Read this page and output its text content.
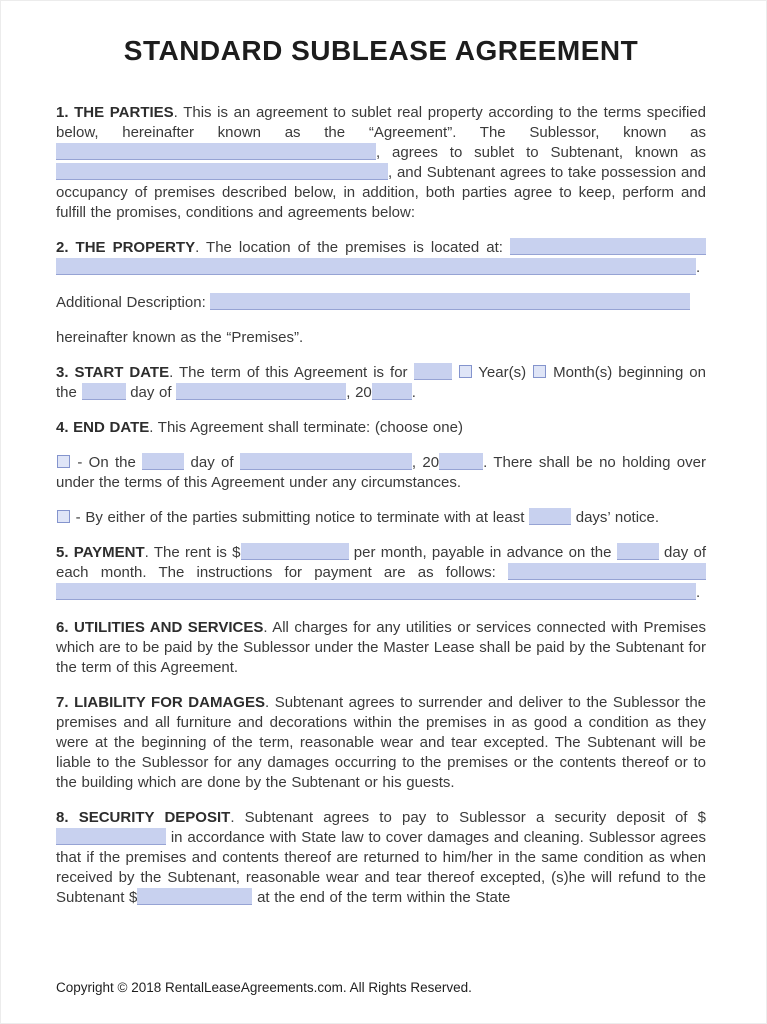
STANDARD SUBLEASE AGREEMENT

1. THE PARTIES. This is an agreement to sublet real property according to the terms specified below, hereinafter known as the “Agreement”. The Sublessor, known as , agrees to sublet to Subtenant, known as , and Subtenant agrees to take possession and occupancy of premises described below, in addition, both parties agree to keep, perform and fulfill the promises, conditions and agreements below:

2. THE PROPERTY. The location of the premises is located at: .

Additional Description:

hereinafter known as the “Premises”.

3. START DATE. The term of this Agreement is for	Year(s)  Month(s) beginning on the	day of	, 20	.

4. END DATE. This Agreement shall terminate: (choose one)

- On the	day of	, 20	. There shall be no holding over under the terms of this Agreement under any circumstances.

- By either of the parties submitting notice to terminate with at least	days’ notice.

5. PAYMENT. The rent is $	per month, payable in advance on the	day of each month. The instructions for payment are as follows: .

6. UTILITIES AND SERVICES. All charges for any utilities or services connected with Premises which are to be paid by the Sublessor under the Master Lease shall be paid by the Subtenant for the term of this Agreement.

7. LIABILITY FOR DAMAGES. Subtenant agrees to surrender and deliver to the Sublessor the premises and all furniture and decorations within the premises in as good a condition as they were at the beginning of the term, reasonable wear and tear excepted. The Subtenant will be liable to the Sublessor for any damages occurring to the premises or the contents thereof or to the building which are done by the Subtenant or his guests.

8. SECURITY DEPOSIT. Subtenant agrees to pay to Sublessor a security deposit of $ in accordance with State law to cover damages and cleaning. Sublessor agrees that if the premises and contents thereof are returned to him/her in the same condition as when received by the Subtenant, reasonable wear and tear thereof excepted, (s)he will refund to the Subtenant $	at the end of the term within the State

Copyright © 2018 RentalLeaseAgreements.com. All Rights Reserved.
